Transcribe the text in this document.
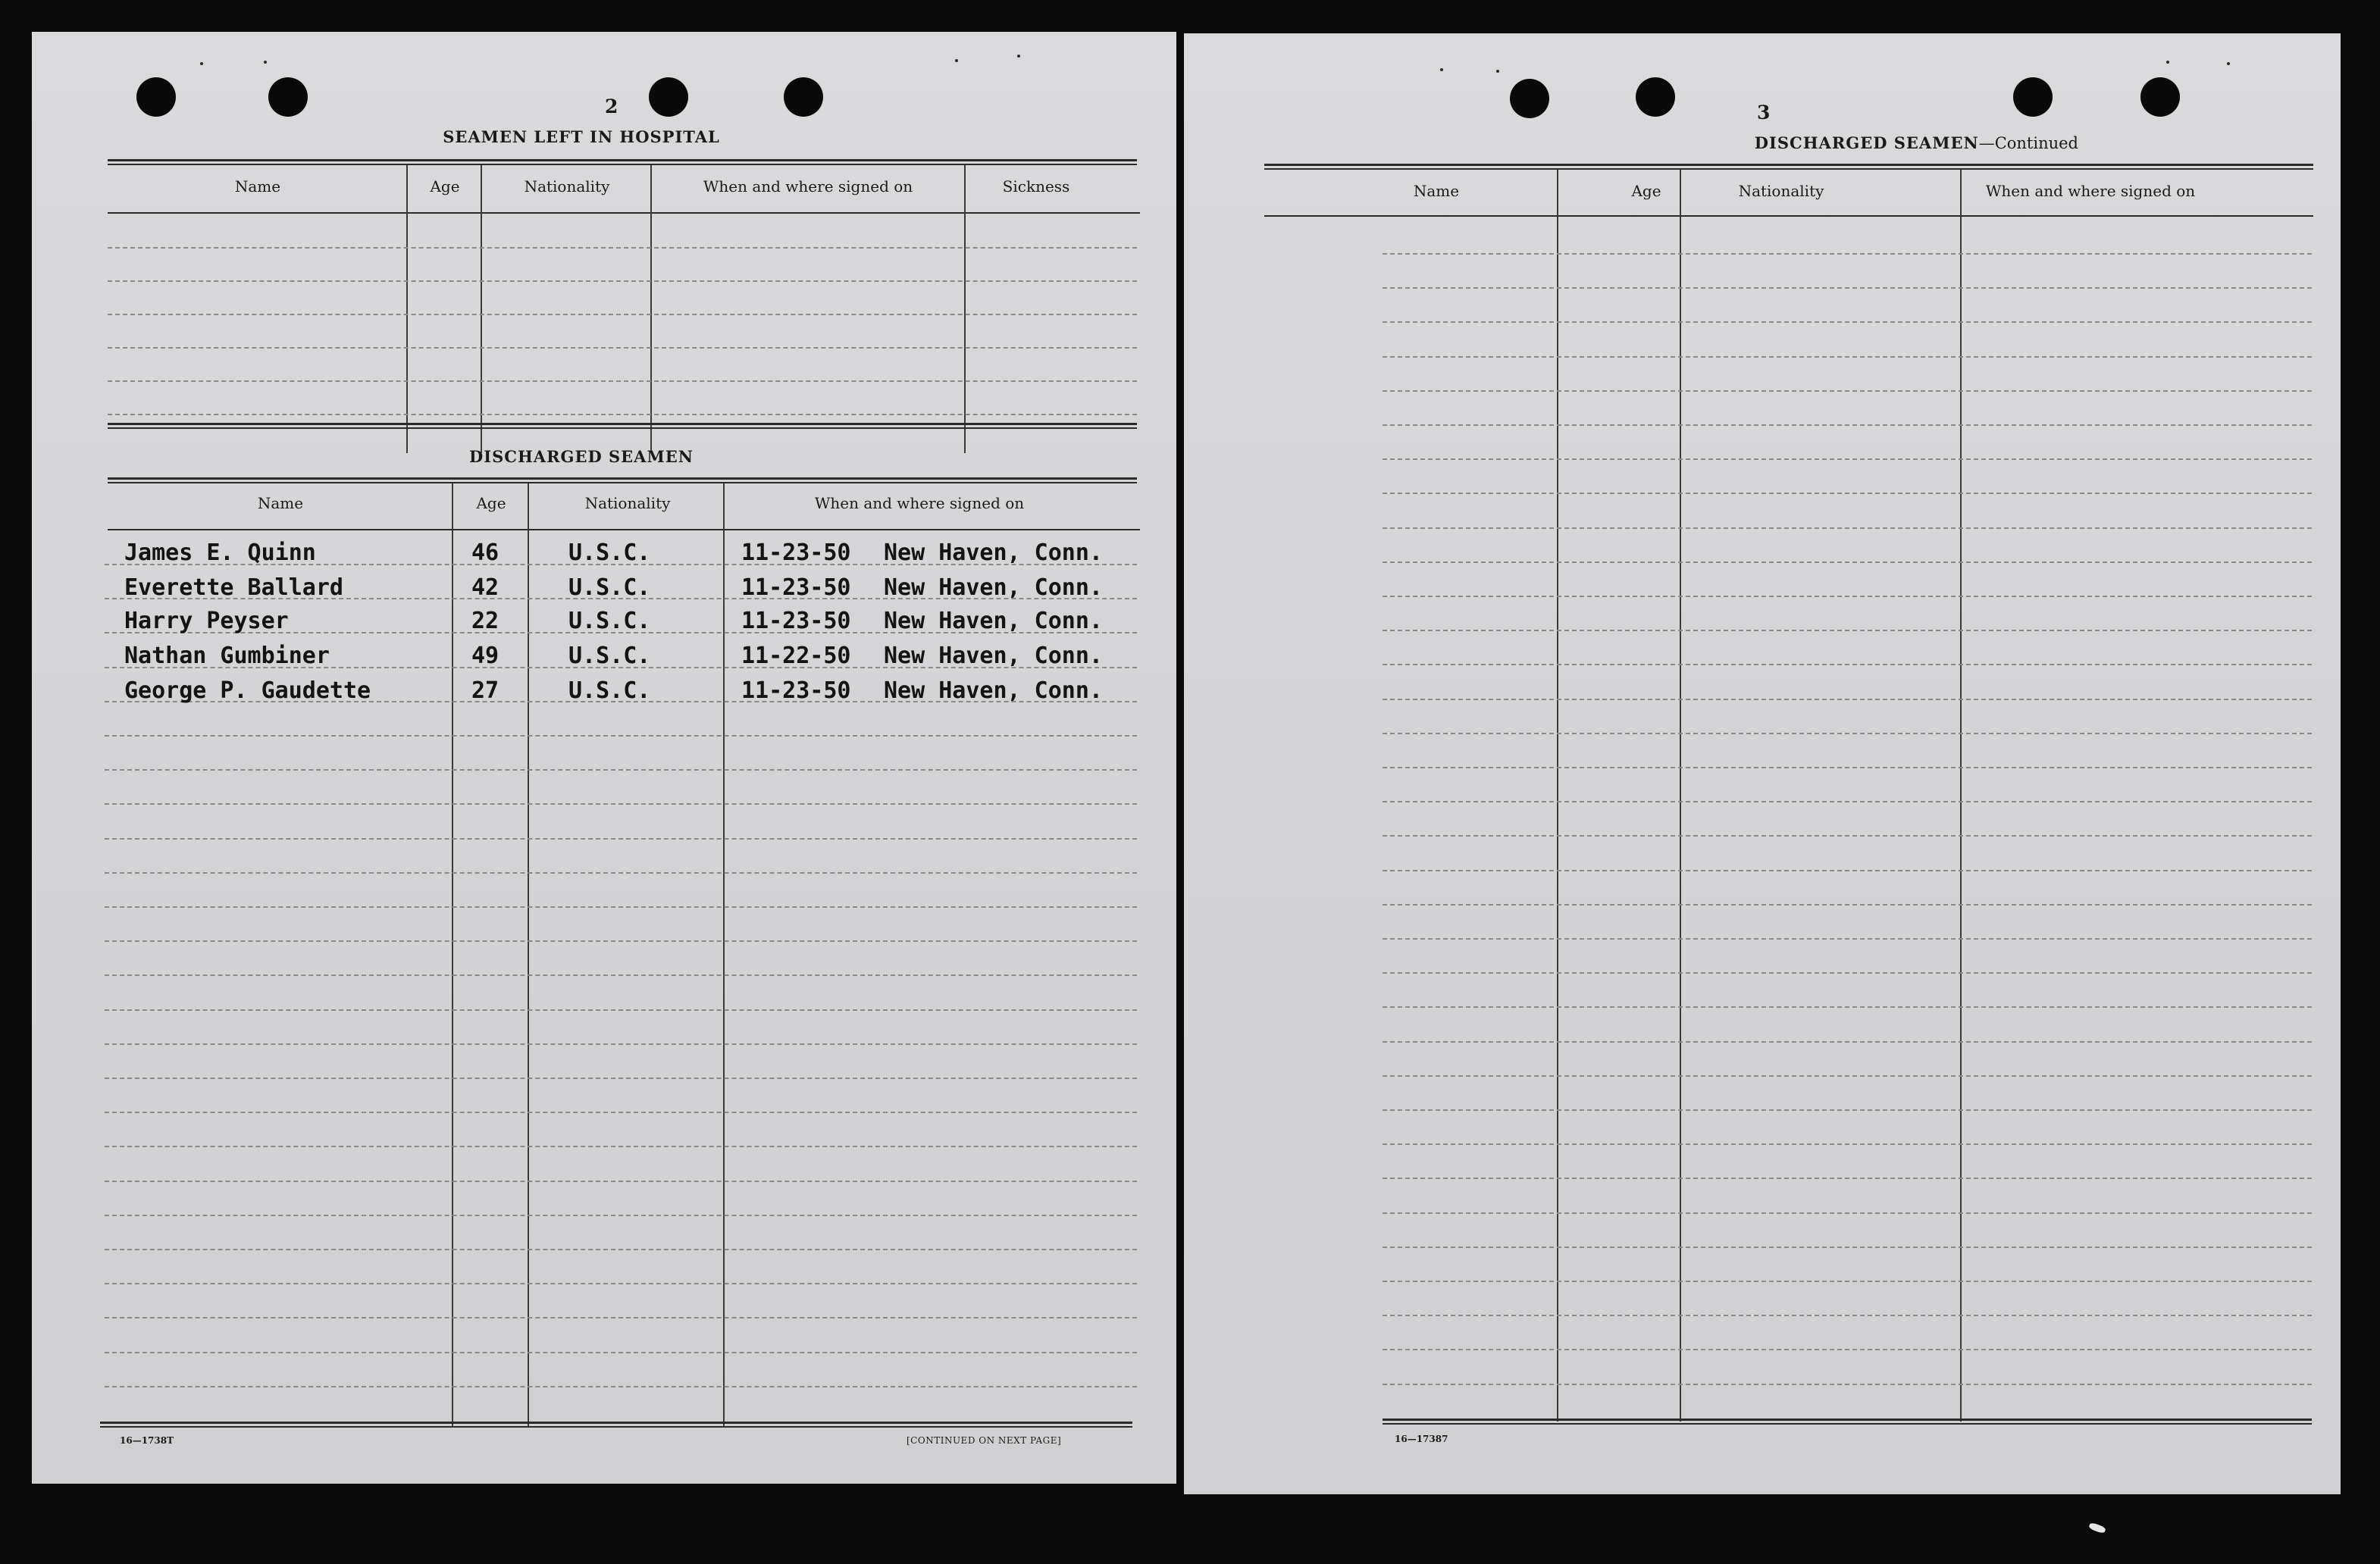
2
SEAMEN LEFT IN HOSPITAL
Name	Age	Nationality	When and where signed on	Sickness
DISCHARGED SEAMEN
Name	Age	Nationality	When and where signed on
James E. Quinn	46	U.S.C.	11-23-50 New Haven, Conn.
Everette Ballard	42	U.S.C.	11-23-50 New Haven, Conn.
Harry Peyser	22	U.S.C.	11-23-50 New Haven, Conn.
Nathan Gumbiner	49	U.S.C.	11-22-50 New Haven, Conn.
George P. Gaudette	27	U.S.C.	11-23-50 New Haven, Conn.
16—1738T	[CONTINUED ON NEXT PAGE]
3
DISCHARGED SEAMEN—Continued
Name	Age	Nationality	When and where signed on
16—17387
